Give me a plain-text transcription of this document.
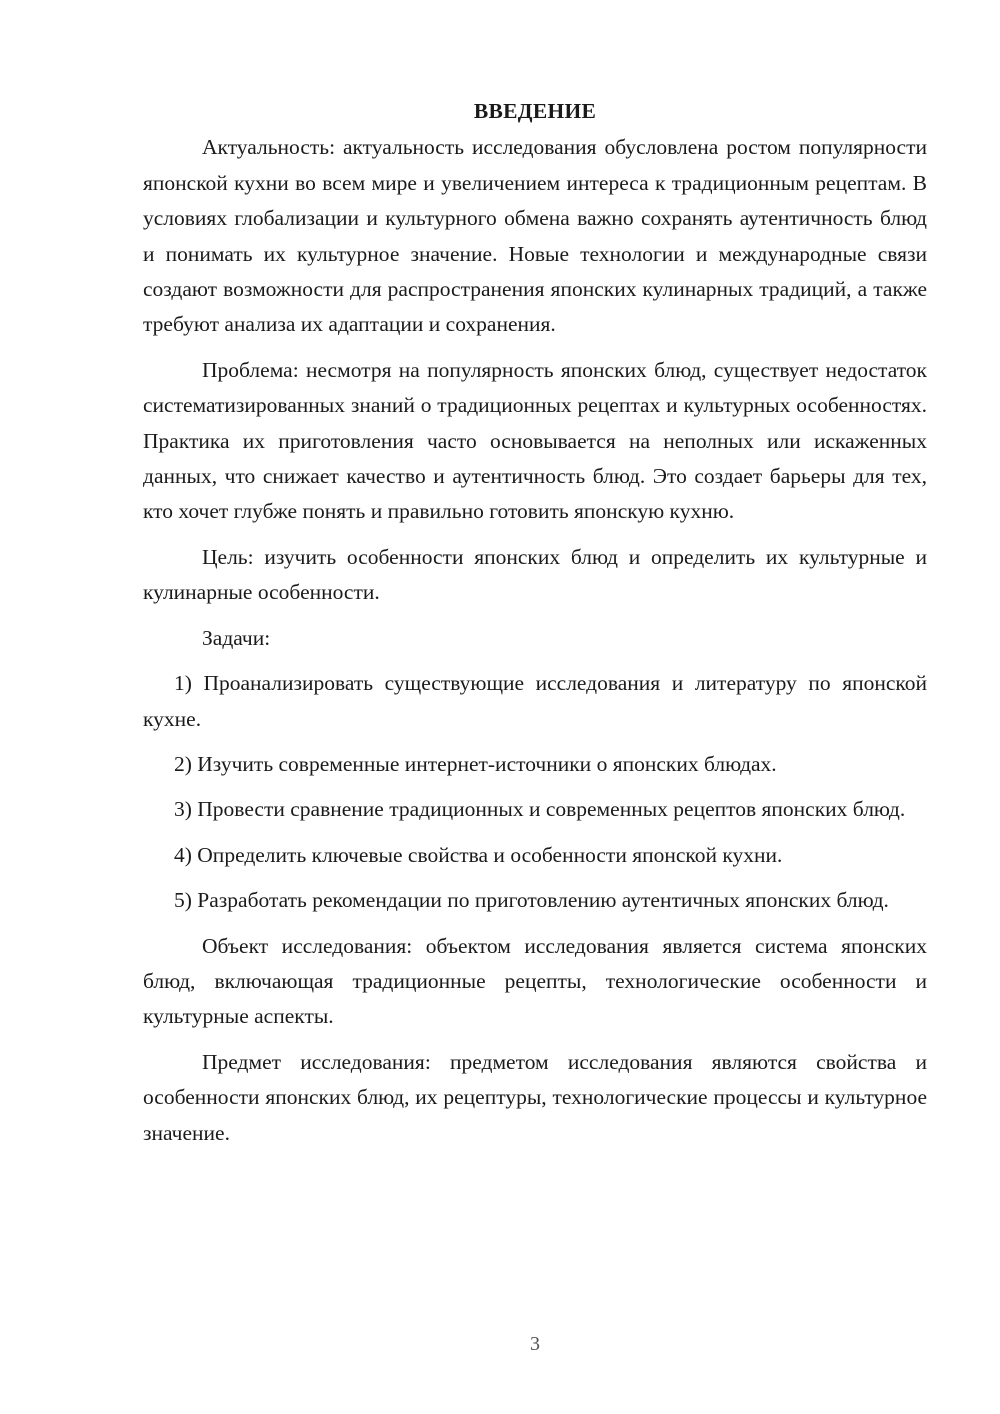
ВВЕДЕНИЕ

Актуальность: актуальность исследования обусловлена ростом популярности японской кухни во всем мире и увеличением интереса к традиционным рецептам. В условиях глобализации и культурного обмена важно сохранять аутентичность блюд и понимать их культурное значение. Новые технологии и международные связи создают возможности для распространения японских кулинарных традиций, а также требуют анализа их адаптации и сохранения.

Проблема: несмотря на популярность японских блюд, существует недостаток систематизированных знаний о традиционных рецептах и культурных особенностях. Практика их приготовления часто основывается на неполных или искаженных данных, что снижает качество и аутентичность блюд. Это создает барьеры для тех, кто хочет глубже понять и правильно готовить японскую кухню.

Цель: изучить особенности японских блюд и определить их культурные и кулинарные особенности.

Задачи:

1) Проанализировать существующие исследования и литературу по японской кухне.

2) Изучить современные интернет-источники о японских блюдах.

3) Провести сравнение традиционных и современных рецептов японских блюд.

4) Определить ключевые свойства и особенности японской кухни.

5) Разработать рекомендации по приготовлению аутентичных японских блюд.

Объект исследования: объектом исследования является система японских блюд, включающая традиционные рецепты, технологические особенности и культурные аспекты.

Предмет исследования: предметом исследования являются свойства и особенности японских блюд, их рецептуры, технологические процессы и культурное значение.

3
